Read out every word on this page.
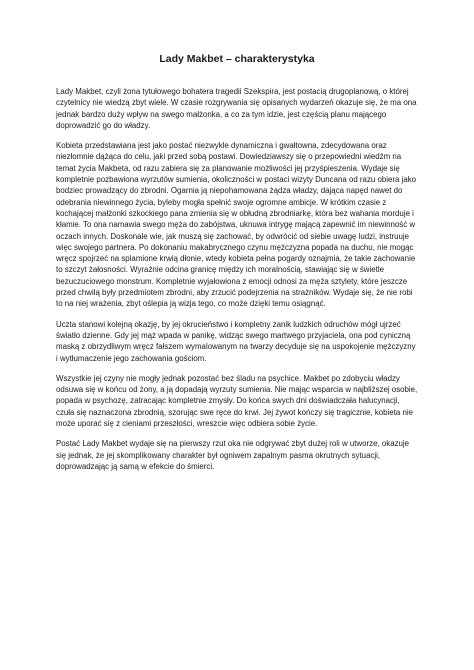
Lady Makbet – charakterystyka

Lady Makbet, czyli żona tytułowego bohatera tragedii Szekspira, jest postacią drugoplanową, o której czytelnicy nie wiedzą zbyt wiele. W czasie rozgrywania się opisanych wydarzeń okazuje się, że ma ona jednak bardzo duży wpływ na swego małżonka, a co za tym idzie, jest częścią planu mającego doprowadzić go do władzy.

Kobieta przedstawiana jest jako postać niezwykle dynamiczna i gwałtowna, zdecydowana oraz niezłomnie dążąca do celu, jaki przed sobą postawi. Dowiedziawszy się o przepowiedni wiedźm na temat życia Makbeta, od razu zabiera się za planowanie możliwości jej przyśpieszenia. Wydaje się kompletnie pozbawiona wyrzutów sumienia, okoliczności w postaci wizyty Duncana od razu obiera jako bodziec prowadzący do zbrodni. Ogarnia ją niepohamowana żądza władzy, dająca napęd nawet do odebrania niewinnego życia, byleby mogła spełnić swoje ogromne ambicje. W krótkim czasie z kochającej małżonki szkockiego pana zmienia się w obłudną zbrodniarkę, która bez wahania morduje i kłamie. To ona namawia swego męża do zabójstwa, uknuwa intrygę mającą zapewnić im niewinność w oczach innych. Doskonale wie, jak muszą się zachować, by odwrócić od siebie uwagę ludzi, instruuje więc swojego partnera. Po dokonaniu makabrycznego czynu mężczyzna popada na duchu, nie mogąc wręcz spojrzeć na splamione krwią dłonie, wtedy kobieta pełna pogardy oznajmia, że takie zachowanie to szczyt żałosności. Wyraźnie odcina granicę między ich moralnością, stawiając się w świetle bezuczuciowego monstrum. Kompletnie wyjałowiona z emocji odnosi za męża sztylety, które jeszcze przed chwilą były przedmiotem zbrodni, aby zrzucić podejrzenia na strażników. Wydaje się, że nie robi to na niej wrażenia, zbyt oślepia ją wizja tego, co może dzięki temu osiągnąć.

Uczta stanowi kolejną okazję, by jej okrucieństwo i kompletny zanik ludzkich odruchów mógł ujrzeć światło dzienne. Gdy jej mąż wpada w panikę, widząc swego martwego przyjaciela, ona pod cyniczną maską z obrzydliwym wręcz fałszem wymalowanym na twarzy decyduje się na uspokojenie mężczyzny i wytłumaczenie jego zachowania gościom.

Wszystkie jej czyny nie mogły jednak pozostać bez śladu na psychice. Makbet po zdobyciu władzy odsuwa się w końcu od żony, a ją dopadają wyrzuty sumienia. Nie mając wsparcia w najbliższej osobie, popada w psychozę, zatracając kompletnie zmysły. Do końca swych dni doświadczała halucynacji, czuła się naznaczona zbrodnią, szorując swe ręce do krwi. Jej żywot kończy się tragicznie, kobieta nie może uporać się z cieniami przeszłości, wreszcie więc odbiera sobie życie.

Postać Lady Makbet wydaje się na pierwszy rzut oka nie odgrywać zbyt dużej roli w utworze, okazuje się jednak, że jej skomplikowany charakter był ogniwem zapalnym pasma okrutnych sytuacji, doprowadzając ją samą w efekcie do śmierci.
